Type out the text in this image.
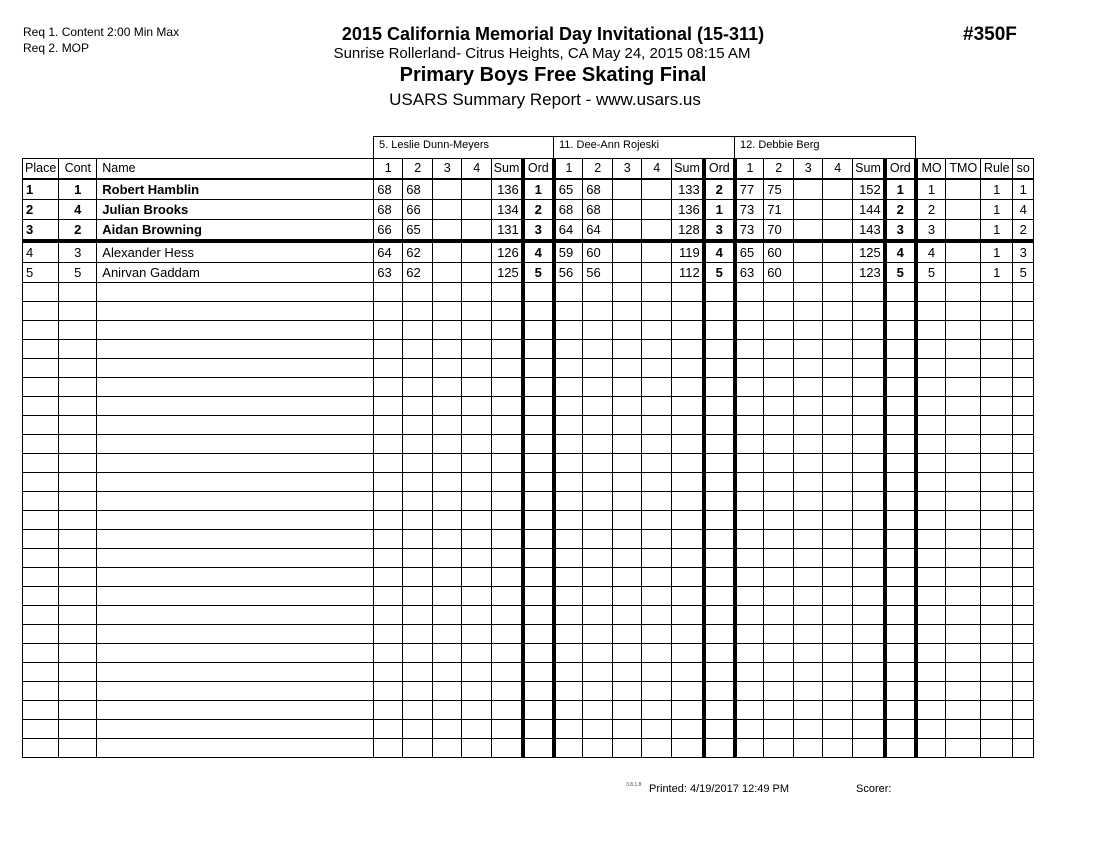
Req 1. Content 2:00 Min Max
Req 2. MOP
2015 California Memorial Day Invitational (15-311)
Sunrise Rollerland- Citrus Heights, CA May 24, 2015 08:15 AM
Primary Boys Free Skating Final
USARS Summary Report - www.usars.us
#350F
5. Leslie Dunn-Meyers	11. Dee-Ann Rojeski	12. Debbie Berg
Place	Cont	Name	1	2	3	4	Sum	Ord	1	2	3	4	Sum	Ord	1	2	3	4	Sum	Ord	MO	TMO	Rule	so
1	1	Robert Hamblin	68	68			136	1	65	68			133	2	77	75			152	1	1		1	1
2	4	Julian Brooks	68	66			134	2	68	68			136	1	73	71			144	2	2		1	4
3	2	Aidan Browning	66	65			131	3	64	64			128	3	73	70			143	3	3		1	2
4	3	Alexander Hess	64	62			126	4	59	60			119	4	65	60			125	4	4		1	3
5	5	Anirvan Gaddam	63	62			125	5	56	56			112	5	63	60			123	5	5		1	5

3.8.1.8 Printed: 4/19/2017 12:49 PM	Scorer:
